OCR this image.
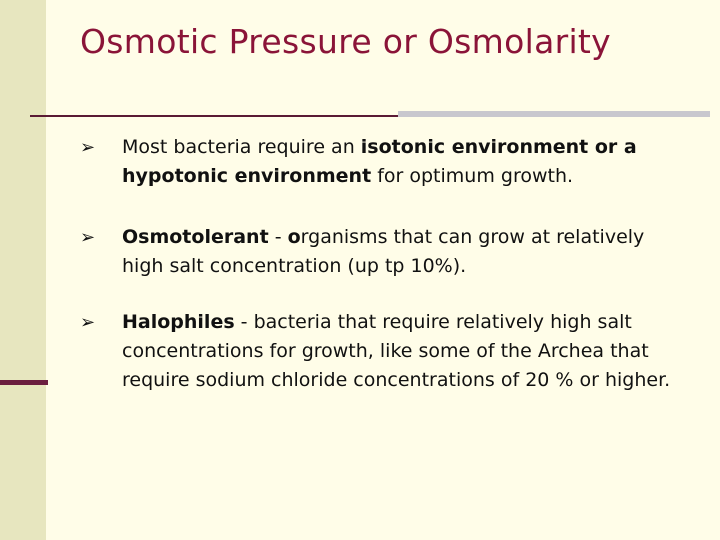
Osmotic Pressure or Osmolarity
➢ Most bacteria require an isotonic environment or a hypotonic environment for optimum growth.
➢ Osmotolerant - organisms that can grow at relatively high salt concentration (up tp 10%).
➢ Halophiles - bacteria that require relatively high salt concentrations for growth, like some of the Archea that require sodium chloride concentrations of 20 % or higher.
